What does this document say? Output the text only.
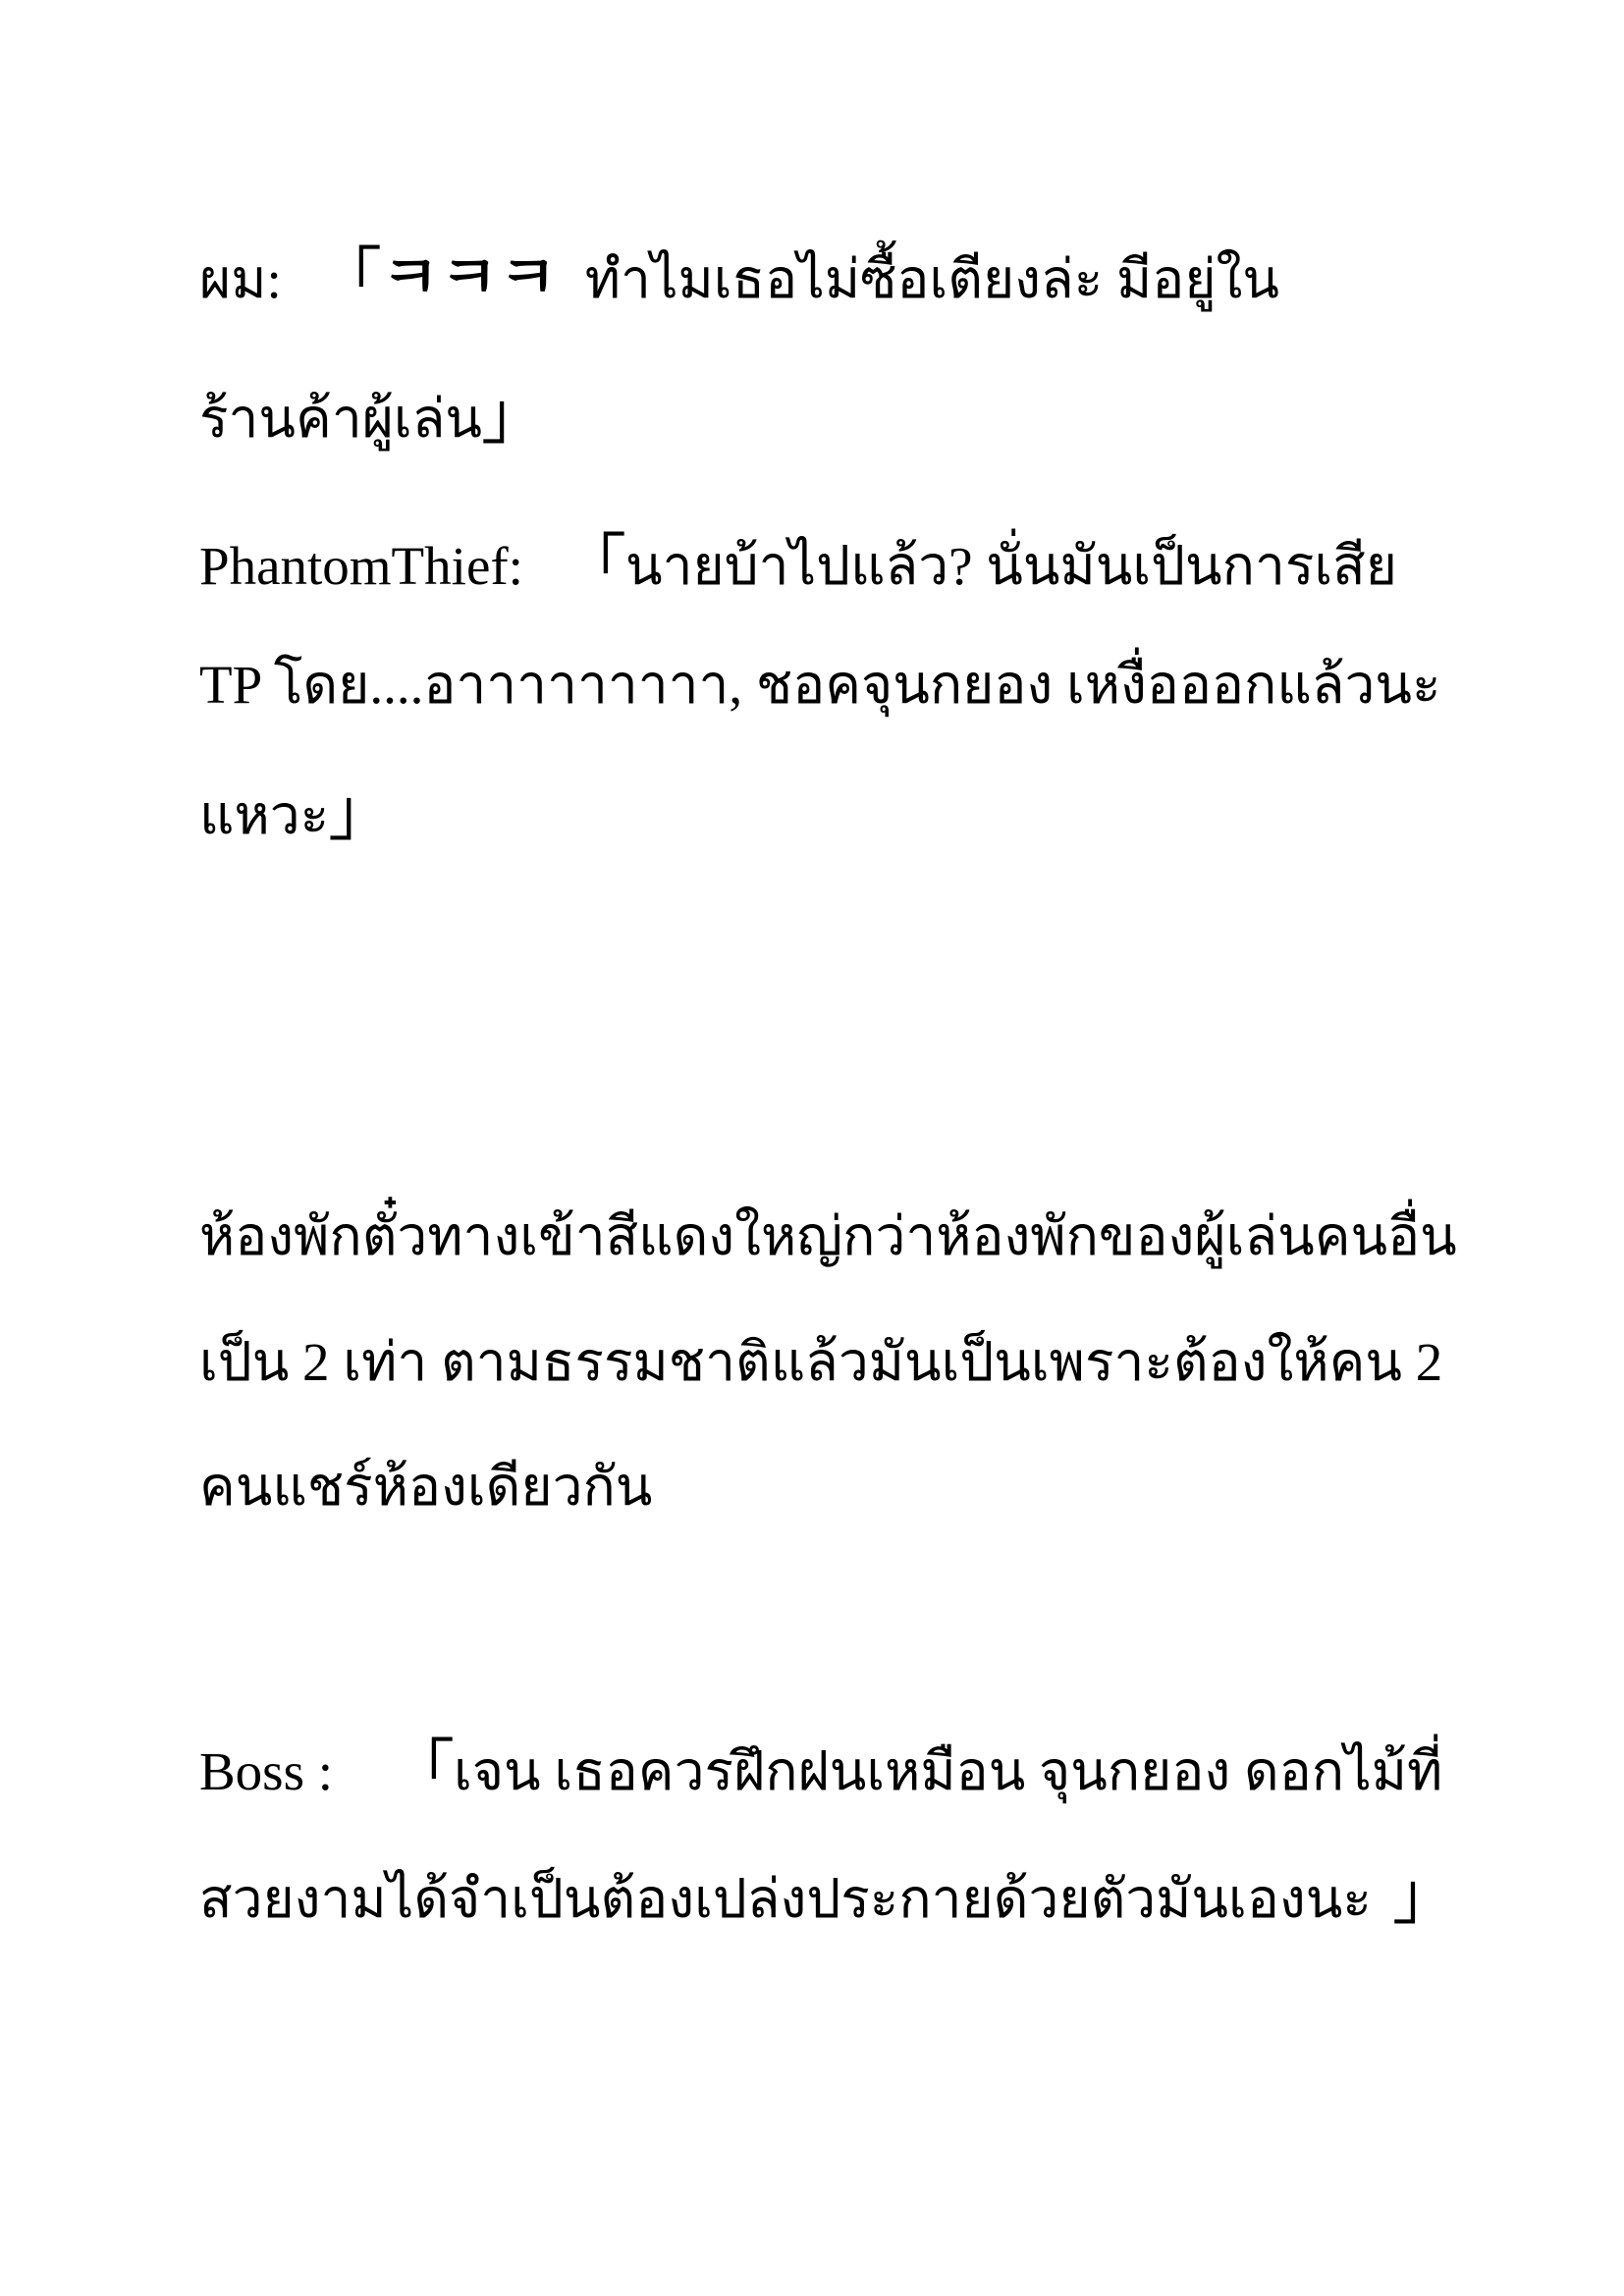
ผม: 「ㅋㅋㅋ ทำไมเธอไม่ซื้อเตียงล่ะ มีอยู่ใน
ร้านค้าผู้เล่น」
PhantomThief: 「นายบ้าไปแล้ว? นั่นมันเป็นการเสีย
TP โดย....อาาาาาาาาา, ชอคจุนกยอง เหงื่อออกแล้วนะ
แหวะ」
ห้องพักตั๋วทางเข้าสีแดงใหญ่กว่าห้องพักของผู้เล่นคนอื่น
เป็น 2 เท่า ตามธรรมชาติแล้วมันเป็นเพราะต้องให้คน 2
คนแชร์ห้องเดียวกัน
Boss : 「เจน เธอควรฝึกฝนเหมือน จุนกยอง ดอกไม้ที่
สวยงามได้จำเป็นต้องเปล่งประกายด้วยตัวมันเองนะ 」
